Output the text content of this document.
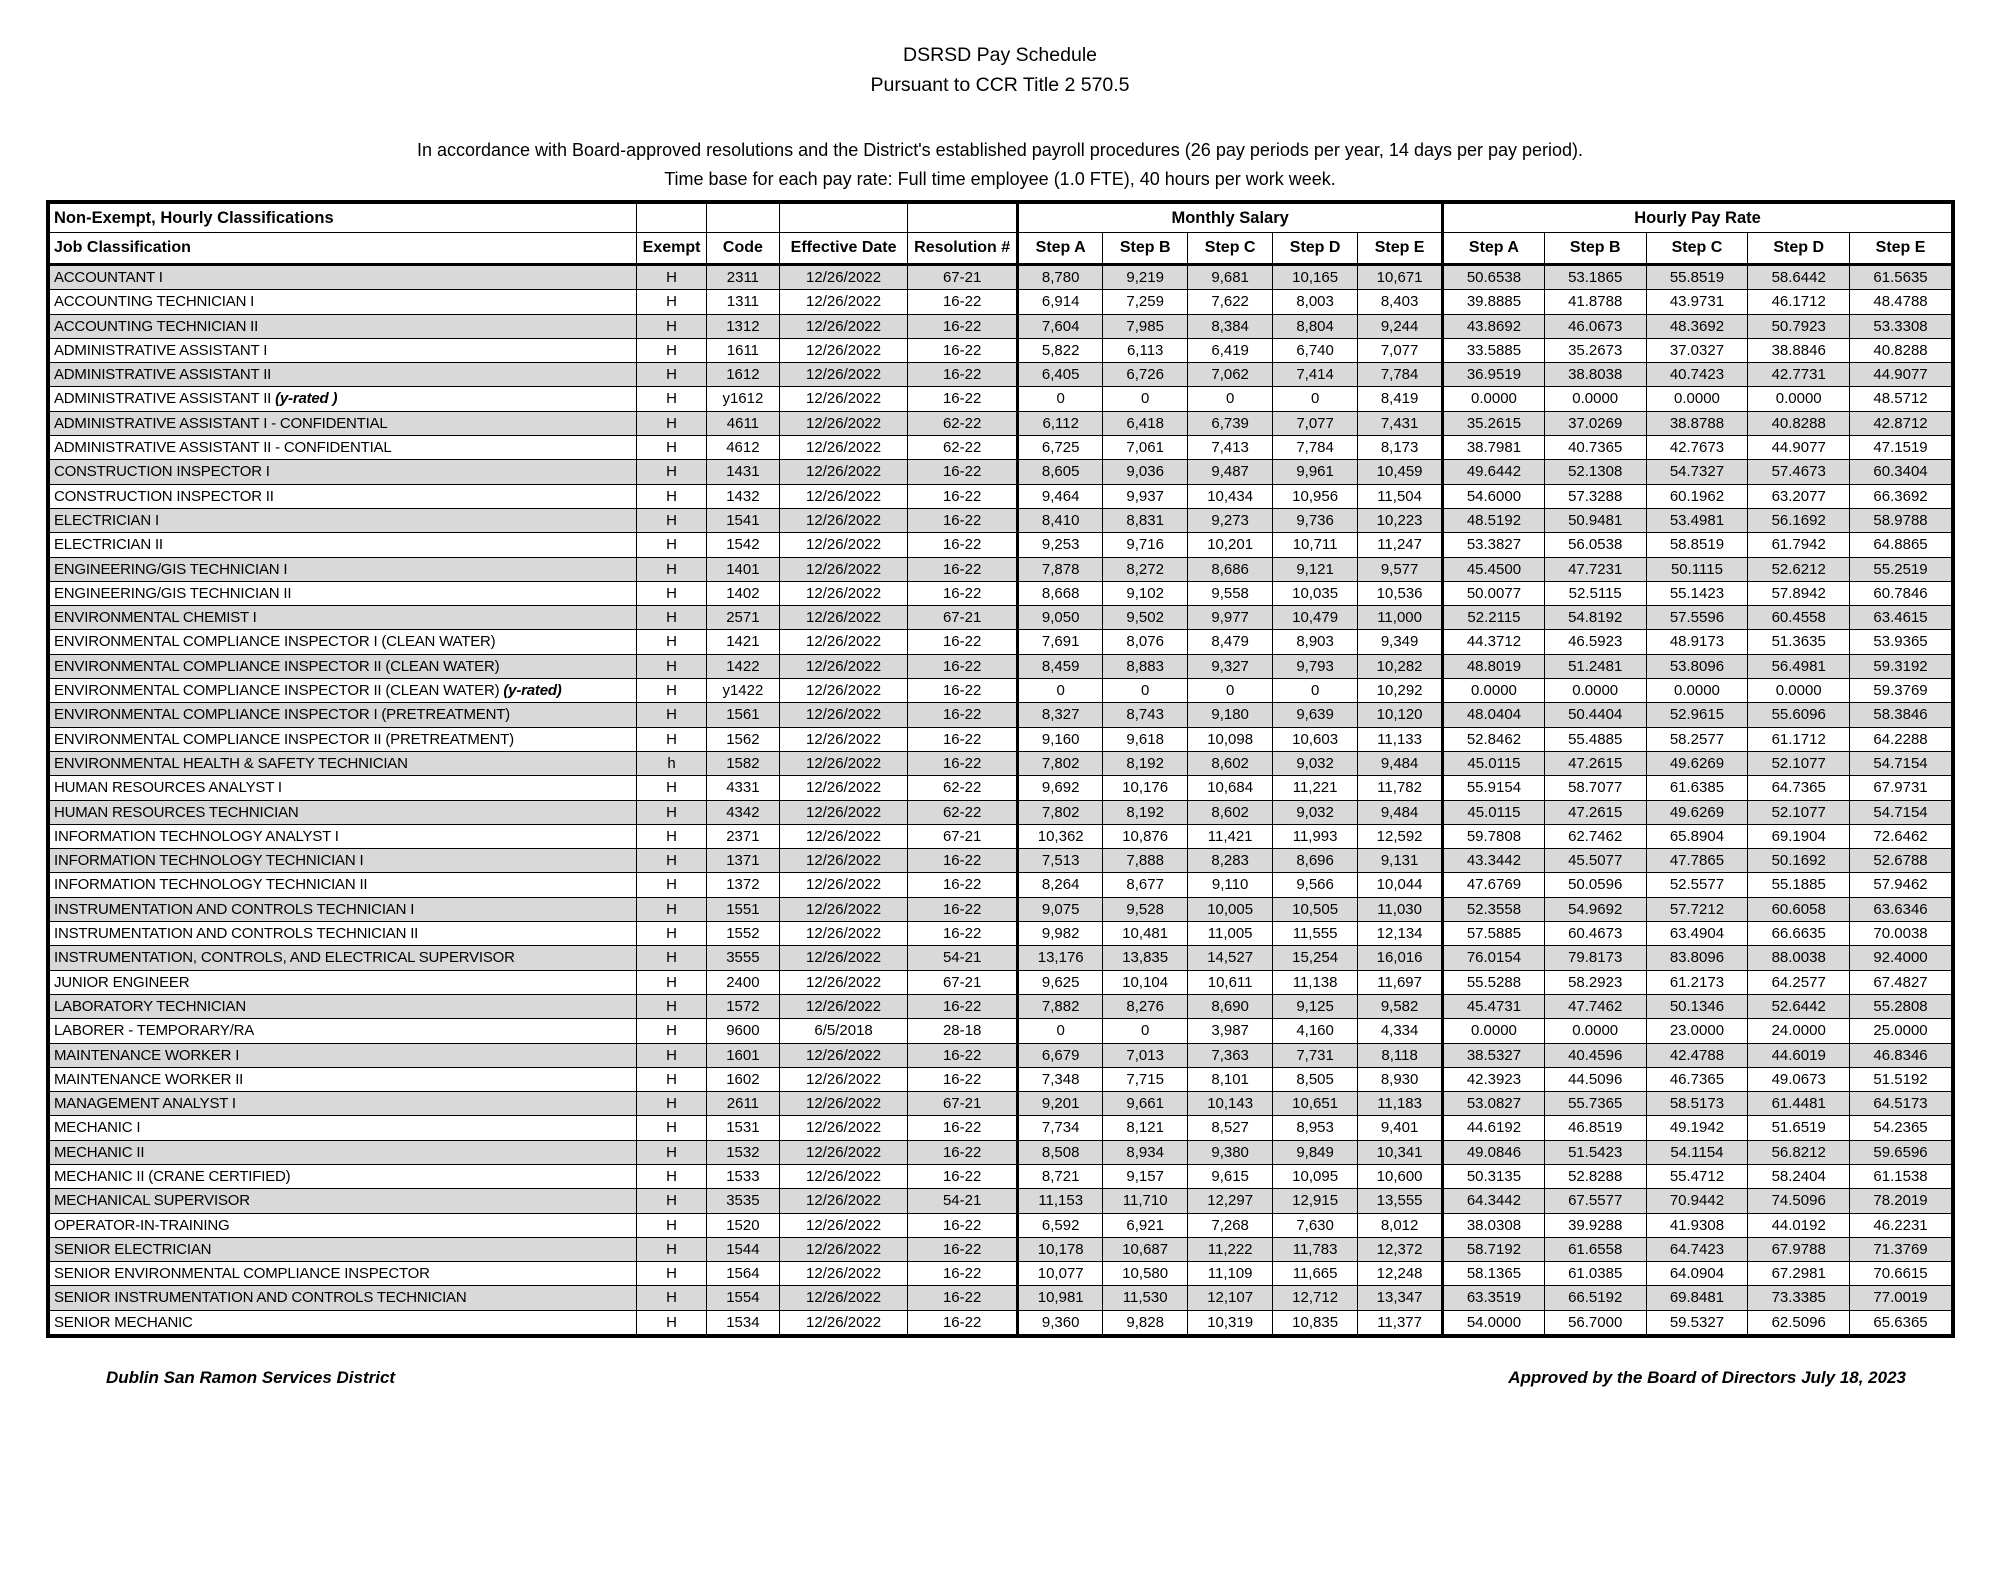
DSRSD Pay Schedule
Pursuant to CCR Title 2 570.5
In accordance with Board-approved resolutions and the District's established payroll procedures (26 pay periods per year, 14 days per pay period).
Time base for each pay rate: Full time employee (1.0 FTE), 40 hours per work week.
Non-Exempt, Hourly Classifications					Monthly Salary					Hourly Pay Rate				
Job Classification	Exempt	Code	Effective Date	Resolution #	Step A	Step B	Step C	Step D	Step E	Step A	Step B	Step C	Step D	Step E
ACCOUNTANT I	H	2311	12/26/2022	67-21	8,780	9,219	9,681	10,165	10,671	50.6538	53.1865	55.8519	58.6442	61.5635
ACCOUNTING TECHNICIAN I	H	1311	12/26/2022	16-22	6,914	7,259	7,622	8,003	8,403	39.8885	41.8788	43.9731	46.1712	48.4788
ACCOUNTING TECHNICIAN II	H	1312	12/26/2022	16-22	7,604	7,985	8,384	8,804	9,244	43.8692	46.0673	48.3692	50.7923	53.3308
ADMINISTRATIVE ASSISTANT I	H	1611	12/26/2022	16-22	5,822	6,113	6,419	6,740	7,077	33.5885	35.2673	37.0327	38.8846	40.8288
ADMINISTRATIVE ASSISTANT II	H	1612	12/26/2022	16-22	6,405	6,726	7,062	7,414	7,784	36.9519	38.8038	40.7423	42.7731	44.9077
ADMINISTRATIVE ASSISTANT II (y-rated )	H	y1612	12/26/2022	16-22	0	0	0	0	8,419	0.0000	0.0000	0.0000	0.0000	48.5712
ADMINISTRATIVE ASSISTANT I - CONFIDENTIAL	H	4611	12/26/2022	62-22	6,112	6,418	6,739	7,077	7,431	35.2615	37.0269	38.8788	40.8288	42.8712
ADMINISTRATIVE ASSISTANT II - CONFIDENTIAL	H	4612	12/26/2022	62-22	6,725	7,061	7,413	7,784	8,173	38.7981	40.7365	42.7673	44.9077	47.1519
CONSTRUCTION INSPECTOR I	H	1431	12/26/2022	16-22	8,605	9,036	9,487	9,961	10,459	49.6442	52.1308	54.7327	57.4673	60.3404
CONSTRUCTION INSPECTOR II	H	1432	12/26/2022	16-22	9,464	9,937	10,434	10,956	11,504	54.6000	57.3288	60.1962	63.2077	66.3692
ELECTRICIAN I	H	1541	12/26/2022	16-22	8,410	8,831	9,273	9,736	10,223	48.5192	50.9481	53.4981	56.1692	58.9788
ELECTRICIAN II	H	1542	12/26/2022	16-22	9,253	9,716	10,201	10,711	11,247	53.3827	56.0538	58.8519	61.7942	64.8865
ENGINEERING/GIS TECHNICIAN I	H	1401	12/26/2022	16-22	7,878	8,272	8,686	9,121	9,577	45.4500	47.7231	50.1115	52.6212	55.2519
ENGINEERING/GIS TECHNICIAN II	H	1402	12/26/2022	16-22	8,668	9,102	9,558	10,035	10,536	50.0077	52.5115	55.1423	57.8942	60.7846
ENVIRONMENTAL CHEMIST I	H	2571	12/26/2022	67-21	9,050	9,502	9,977	10,479	11,000	52.2115	54.8192	57.5596	60.4558	63.4615
ENVIRONMENTAL COMPLIANCE INSPECTOR I (CLEAN WATER)	H	1421	12/26/2022	16-22	7,691	8,076	8,479	8,903	9,349	44.3712	46.5923	48.9173	51.3635	53.9365
ENVIRONMENTAL COMPLIANCE INSPECTOR II (CLEAN WATER)	H	1422	12/26/2022	16-22	8,459	8,883	9,327	9,793	10,282	48.8019	51.2481	53.8096	56.4981	59.3192
ENVIRONMENTAL COMPLIANCE INSPECTOR II (CLEAN WATER) (y-rated)	H	y1422	12/26/2022	16-22	0	0	0	0	10,292	0.0000	0.0000	0.0000	0.0000	59.3769
ENVIRONMENTAL COMPLIANCE INSPECTOR I (PRETREATMENT)	H	1561	12/26/2022	16-22	8,327	8,743	9,180	9,639	10,120	48.0404	50.4404	52.9615	55.6096	58.3846
ENVIRONMENTAL COMPLIANCE INSPECTOR II (PRETREATMENT)	H	1562	12/26/2022	16-22	9,160	9,618	10,098	10,603	11,133	52.8462	55.4885	58.2577	61.1712	64.2288
ENVIRONMENTAL HEALTH & SAFETY TECHNICIAN	h	1582	12/26/2022	16-22	7,802	8,192	8,602	9,032	9,484	45.0115	47.2615	49.6269	52.1077	54.7154
HUMAN RESOURCES ANALYST I	H	4331	12/26/2022	62-22	9,692	10,176	10,684	11,221	11,782	55.9154	58.7077	61.6385	64.7365	67.9731
HUMAN RESOURCES TECHNICIAN	H	4342	12/26/2022	62-22	7,802	8,192	8,602	9,032	9,484	45.0115	47.2615	49.6269	52.1077	54.7154
INFORMATION TECHNOLOGY ANALYST I	H	2371	12/26/2022	67-21	10,362	10,876	11,421	11,993	12,592	59.7808	62.7462	65.8904	69.1904	72.6462
INFORMATION TECHNOLOGY TECHNICIAN I	H	1371	12/26/2022	16-22	7,513	7,888	8,283	8,696	9,131	43.3442	45.5077	47.7865	50.1692	52.6788
INFORMATION TECHNOLOGY TECHNICIAN II	H	1372	12/26/2022	16-22	8,264	8,677	9,110	9,566	10,044	47.6769	50.0596	52.5577	55.1885	57.9462
INSTRUMENTATION AND CONTROLS TECHNICIAN I	H	1551	12/26/2022	16-22	9,075	9,528	10,005	10,505	11,030	52.3558	54.9692	57.7212	60.6058	63.6346
INSTRUMENTATION AND CONTROLS TECHNICIAN II	H	1552	12/26/2022	16-22	9,982	10,481	11,005	11,555	12,134	57.5885	60.4673	63.4904	66.6635	70.0038
INSTRUMENTATION, CONTROLS, AND ELECTRICAL SUPERVISOR	H	3555	12/26/2022	54-21	13,176	13,835	14,527	15,254	16,016	76.0154	79.8173	83.8096	88.0038	92.4000
JUNIOR ENGINEER	H	2400	12/26/2022	67-21	9,625	10,104	10,611	11,138	11,697	55.5288	58.2923	61.2173	64.2577	67.4827
LABORATORY TECHNICIAN	H	1572	12/26/2022	16-22	7,882	8,276	8,690	9,125	9,582	45.4731	47.7462	50.1346	52.6442	55.2808
LABORER - TEMPORARY/RA	H	9600	6/5/2018	28-18	0	0	3,987	4,160	4,334	0.0000	0.0000	23.0000	24.0000	25.0000
MAINTENANCE WORKER I	H	1601	12/26/2022	16-22	6,679	7,013	7,363	7,731	8,118	38.5327	40.4596	42.4788	44.6019	46.8346
MAINTENANCE WORKER II	H	1602	12/26/2022	16-22	7,348	7,715	8,101	8,505	8,930	42.3923	44.5096	46.7365	49.0673	51.5192
MANAGEMENT ANALYST I	H	2611	12/26/2022	67-21	9,201	9,661	10,143	10,651	11,183	53.0827	55.7365	58.5173	61.4481	64.5173
MECHANIC I	H	1531	12/26/2022	16-22	7,734	8,121	8,527	8,953	9,401	44.6192	46.8519	49.1942	51.6519	54.2365
MECHANIC II	H	1532	12/26/2022	16-22	8,508	8,934	9,380	9,849	10,341	49.0846	51.5423	54.1154	56.8212	59.6596
MECHANIC II (CRANE CERTIFIED)	H	1533	12/26/2022	16-22	8,721	9,157	9,615	10,095	10,600	50.3135	52.8288	55.4712	58.2404	61.1538
MECHANICAL SUPERVISOR	H	3535	12/26/2022	54-21	11,153	11,710	12,297	12,915	13,555	64.3442	67.5577	70.9442	74.5096	78.2019
OPERATOR-IN-TRAINING	H	1520	12/26/2022	16-22	6,592	6,921	7,268	7,630	8,012	38.0308	39.9288	41.9308	44.0192	46.2231
SENIOR ELECTRICIAN	H	1544	12/26/2022	16-22	10,178	10,687	11,222	11,783	12,372	58.7192	61.6558	64.7423	67.9788	71.3769
SENIOR ENVIRONMENTAL COMPLIANCE INSPECTOR	H	1564	12/26/2022	16-22	10,077	10,580	11,109	11,665	12,248	58.1365	61.0385	64.0904	67.2981	70.6615
SENIOR INSTRUMENTATION AND CONTROLS TECHNICIAN	H	1554	12/26/2022	16-22	10,981	11,530	12,107	12,712	13,347	63.3519	66.5192	69.8481	73.3385	77.0019
SENIOR MECHANIC	H	1534	12/26/2022	16-22	9,360	9,828	10,319	10,835	11,377	54.0000	56.7000	59.5327	62.5096	65.6365
Dublin San Ramon Services District	Approved by the Board of Directors July 18, 2023
